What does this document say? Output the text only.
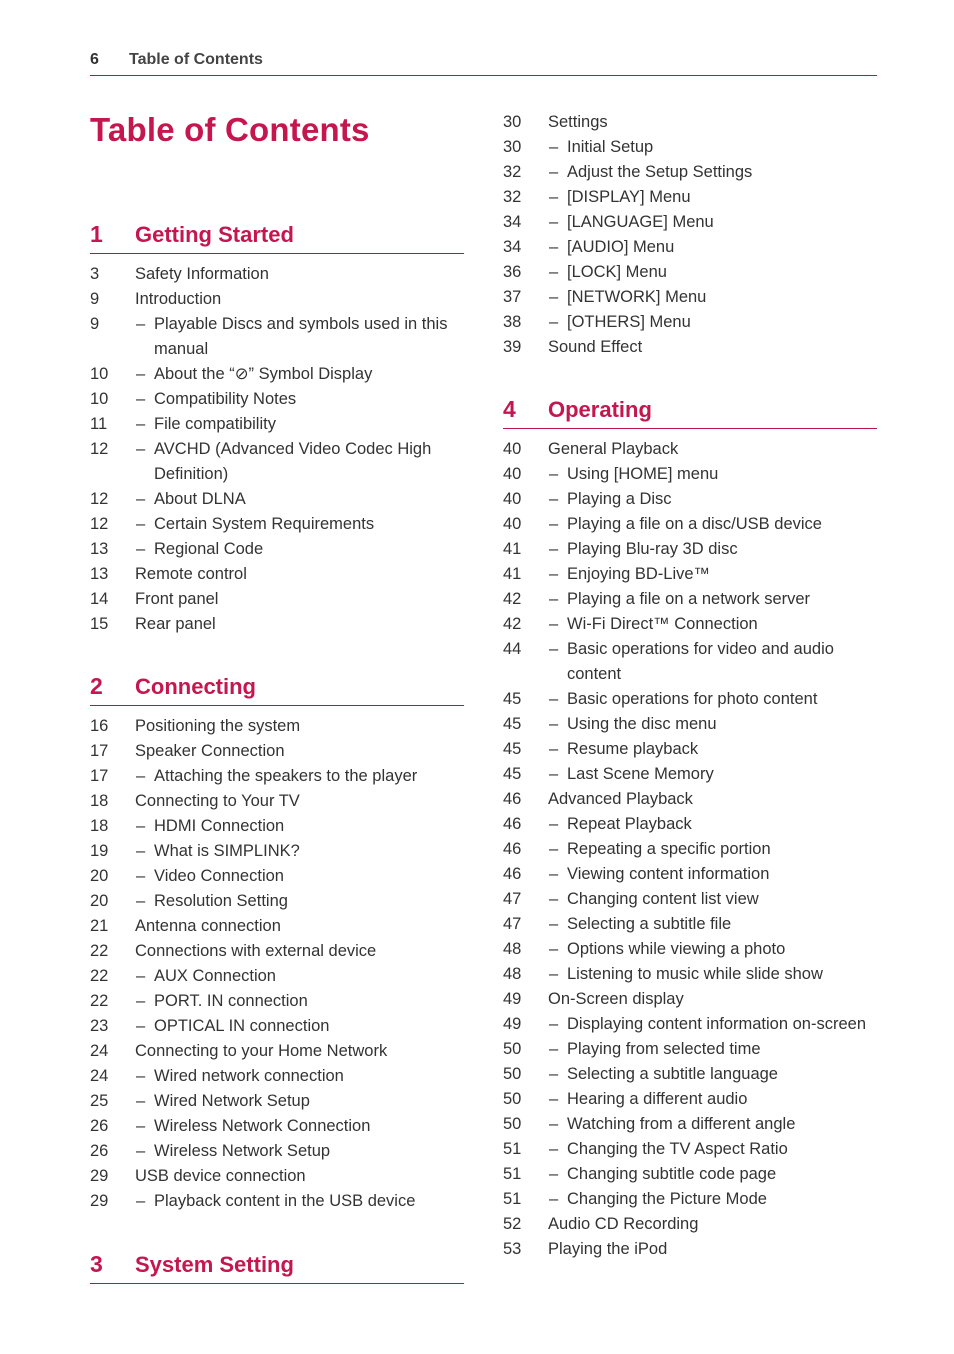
6 Table of Contents
Table of Contents
1 Getting Started
3	Safety Information
9	Introduction
9	– Playable Discs and symbols used in this manual
10	– About the “⊘” Symbol Display
10	– Compatibility Notes
11	– File compatibility
12	– AVCHD (Advanced Video Codec High Definition)
12	– About DLNA
12	– Certain System Requirements
13	– Regional Code
13	Remote control
14	Front panel
15	Rear panel
2 Connecting
16	Positioning the system
17	Speaker Connection
17	– Attaching the speakers to the player
18	Connecting to Your TV
18	– HDMI Connection
19	– What is SIMPLINK?
20	– Video Connection
20	– Resolution Setting
21	Antenna connection
22	Connections with external device
22	– AUX Connection
22	– PORT. IN connection
23	– OPTICAL IN connection
24	Connecting to your Home Network
24	– Wired network connection
25	– Wired Network Setup
26	– Wireless Network Connection
26	– Wireless Network Setup
29	USB device connection
29	– Playback content in the USB device
3 System Setting
30	Settings
30	– Initial Setup
32	– Adjust the Setup Settings
32	– [DISPLAY] Menu
34	– [LANGUAGE] Menu
34	– [AUDIO] Menu
36	– [LOCK] Menu
37	– [NETWORK] Menu
38	– [OTHERS] Menu
39	Sound Effect
4 Operating
40	General Playback
40	– Using [HOME] menu
40	– Playing a Disc
40	– Playing a file on a disc/USB device
41	– Playing Blu-ray 3D disc
41	– Enjoying BD-Live™
42	– Playing a file on a network server
42	– Wi-Fi Direct™ Connection
44	– Basic operations for video and audio content
45	– Basic operations for photo content
45	– Using the disc menu
45	– Resume playback
45	– Last Scene Memory
46	Advanced Playback
46	– Repeat Playback
46	– Repeating a specific portion
46	– Viewing content information
47	– Changing content list view
47	– Selecting a subtitle file
48	– Options while viewing a photo
48	– Listening to music while slide show
49	On-Screen display
49	– Displaying content information on-screen
50	– Playing from selected time
50	– Selecting a subtitle language
50	– Hearing a different audio
50	– Watching from a different angle
51	– Changing the TV Aspect Ratio
51	– Changing subtitle code page
51	– Changing the Picture Mode
52	Audio CD Recording
53	Playing the iPod
